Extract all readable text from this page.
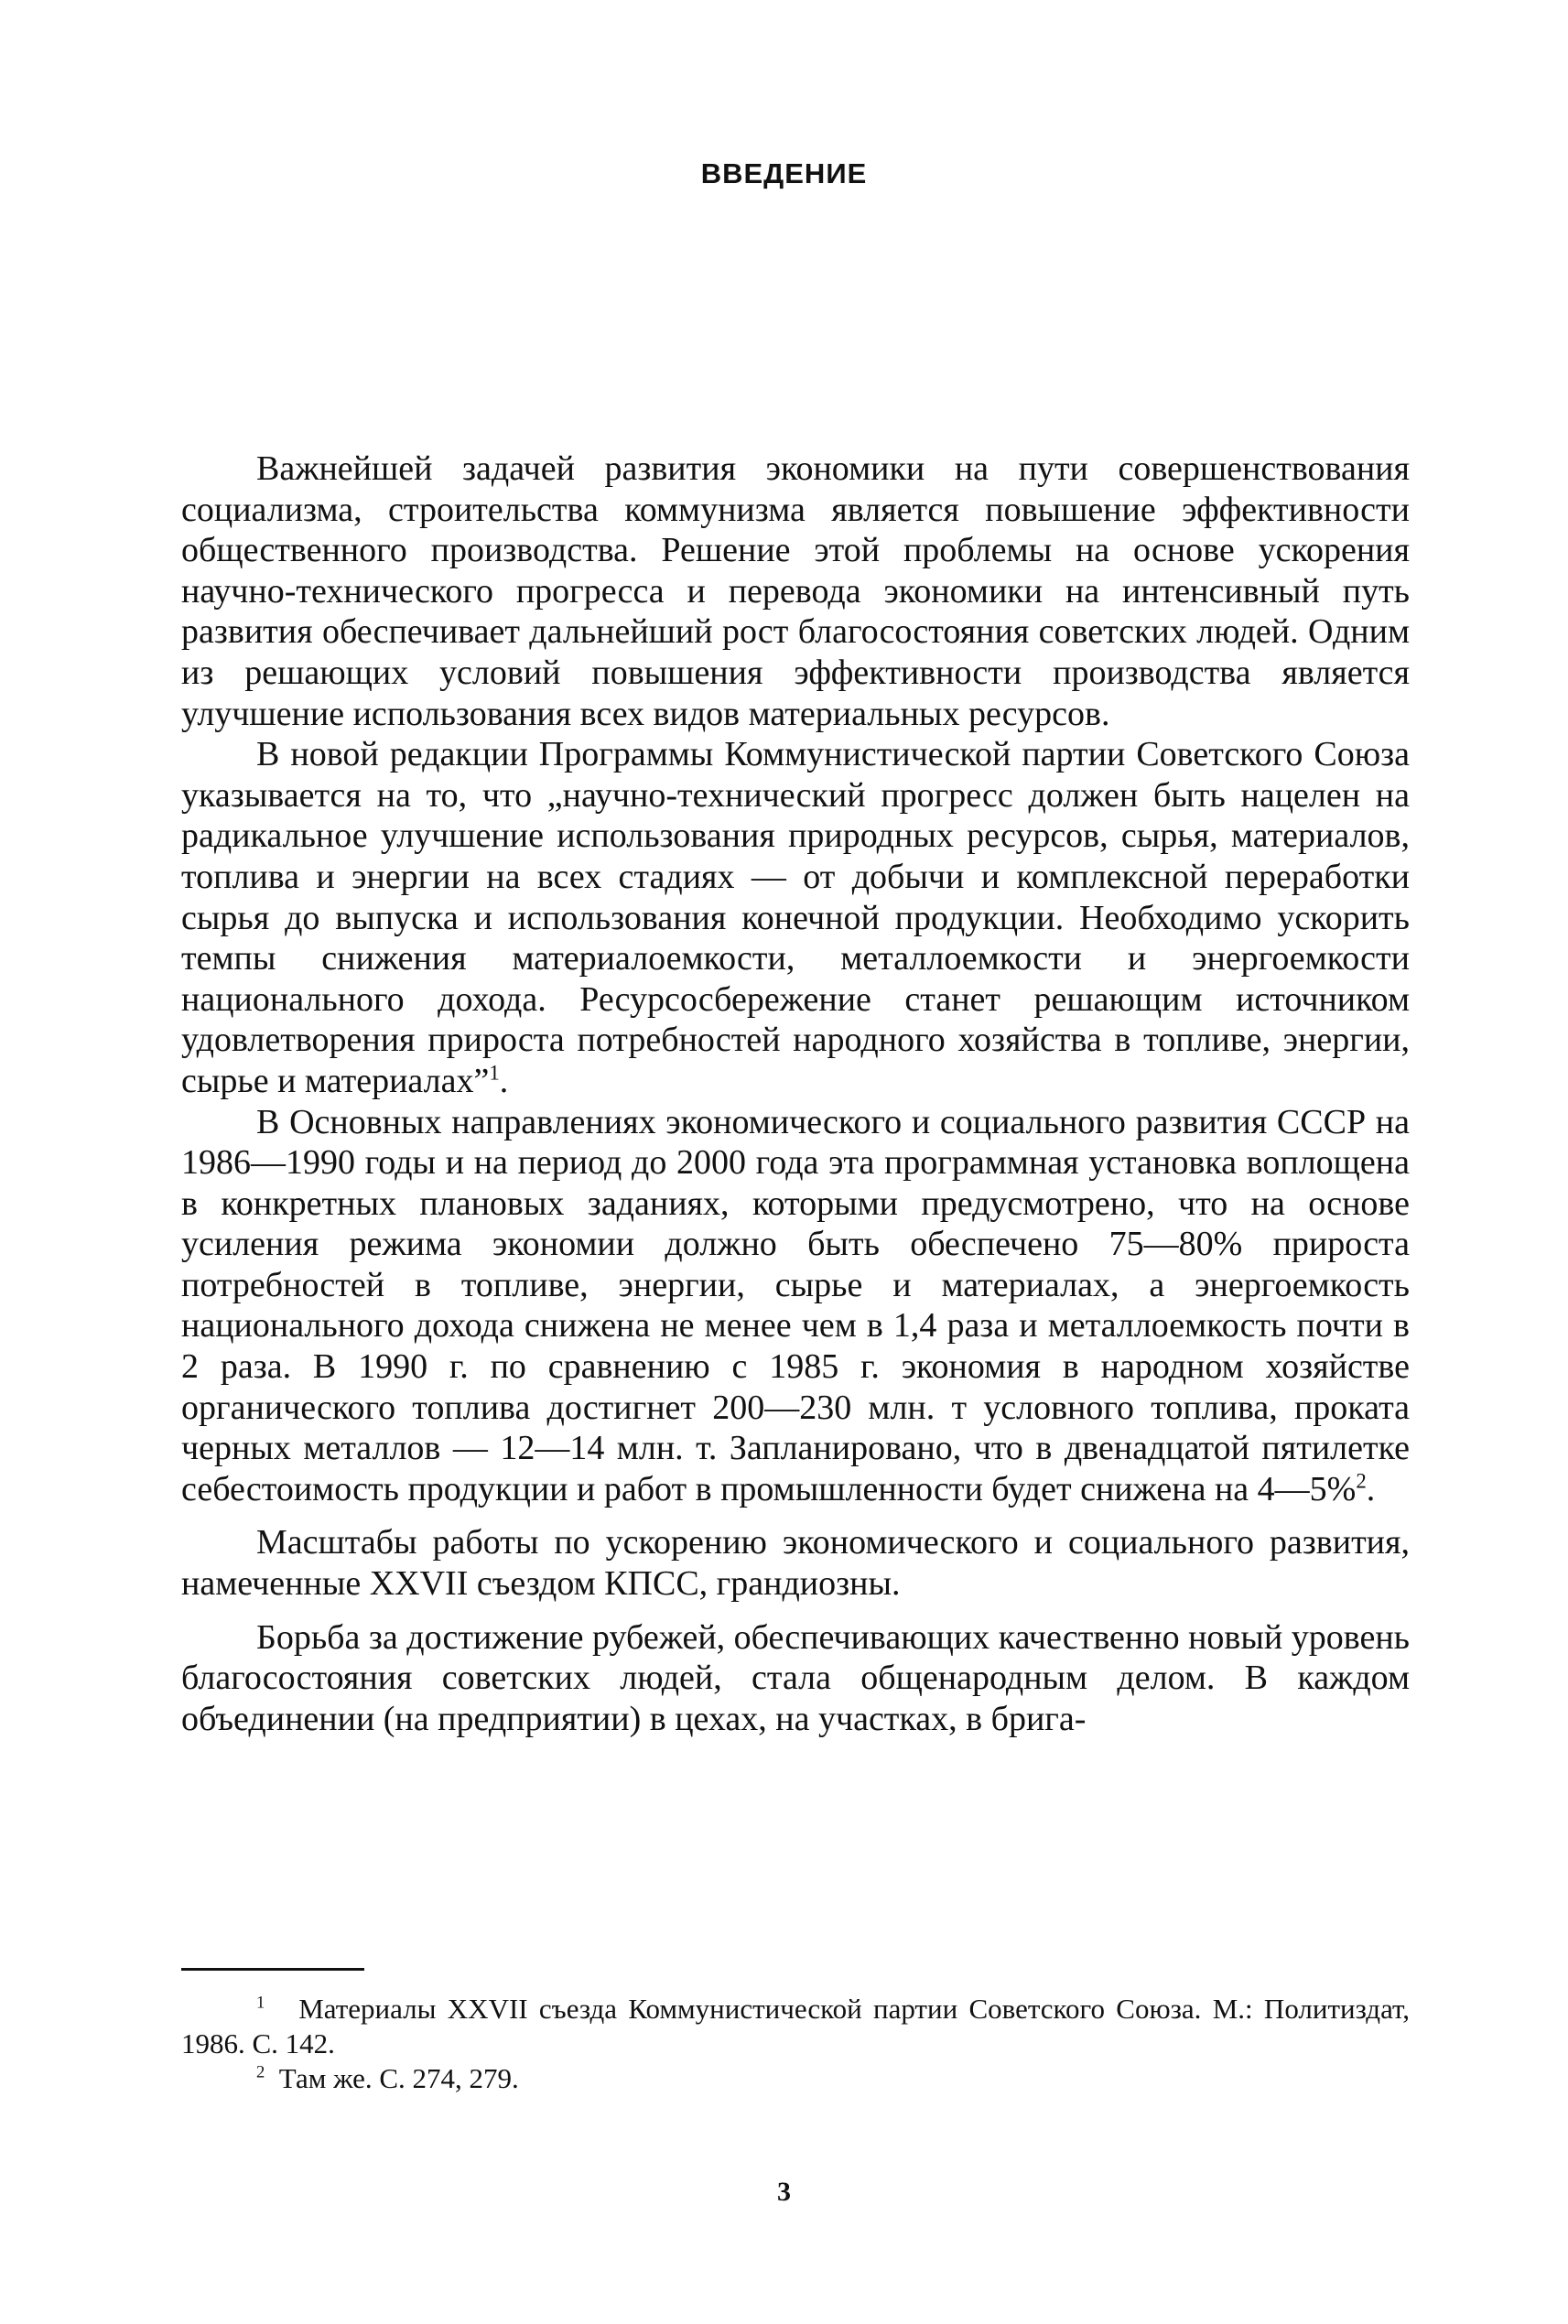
ВВЕДЕНИЕ

Важнейшей задачей развития экономики на пути совершенствования социализма, строительства коммунизма является повышение эффективности общественного производства. Решение этой проблемы на основе ускорения научно-технического прогресса и перевода экономики на интенсивный путь развития обеспечивает дальнейший рост благосостояния советских людей. Одним из решающих условий повышения эффективности производства является улучшение использования всех видов материальных ресурсов.

В новой редакции Программы Коммунистической партии Советского Союза указывается на то, что „научно-технический прогресс должен быть нацелен на радикальное улучшение использования природных ресурсов, сырья, материалов, топлива и энергии на всех стадиях — от добычи и комплексной переработки сырья до выпуска и использования конечной продукции. Необходимо ускорить темпы снижения материалоемкости, металлоемкости и энергоемкости национального дохода. Ресурсосбережение станет решающим источником удовлетворения прироста потребностей народного хозяйства в топливе, энергии, сырье и материалах”$^1$.

В Основных направлениях экономического и социального развития СССР на 1986—1990 годы и на период до 2000 года эта программная установка воплощена в конкретных плановых заданиях, которыми предусмотрено, что на основе усиления режима экономии должно быть обеспечено 75—80% прироста потребностей в топливе, энергии, сырье и материалах, а энергоемкость национального дохода снижена не менее чем в 1,4 раза и металлоемкость почти в 2 раза. В 1990 г. по сравнению с 1985 г. экономия в народном хозяйстве органического топлива достигнет 200—230 млн. т условного топлива, проката черных металлов — 12—14 млн. т. Запланировано, что в двенадцатой пятилетке себестоимость продукции и работ в промышленности будет снижена на 4—5%$^2$.

Масштабы работы по ускорению экономического и социального развития, намеченные XXVII съездом КПСС, грандиозны.

Борьба за достижение рубежей, обеспечивающих качественно новый уровень благосостояния советских людей, стала общенародным делом. В каждом объединении (на предприятии) в цехах, на участках, в брига-

$^1$ Материалы XXVII съезда Коммунистической партии Советского Союза. М.: Политиздат, 1986. С. 142.

$^2$ Там же. С. 274, 279.

3
